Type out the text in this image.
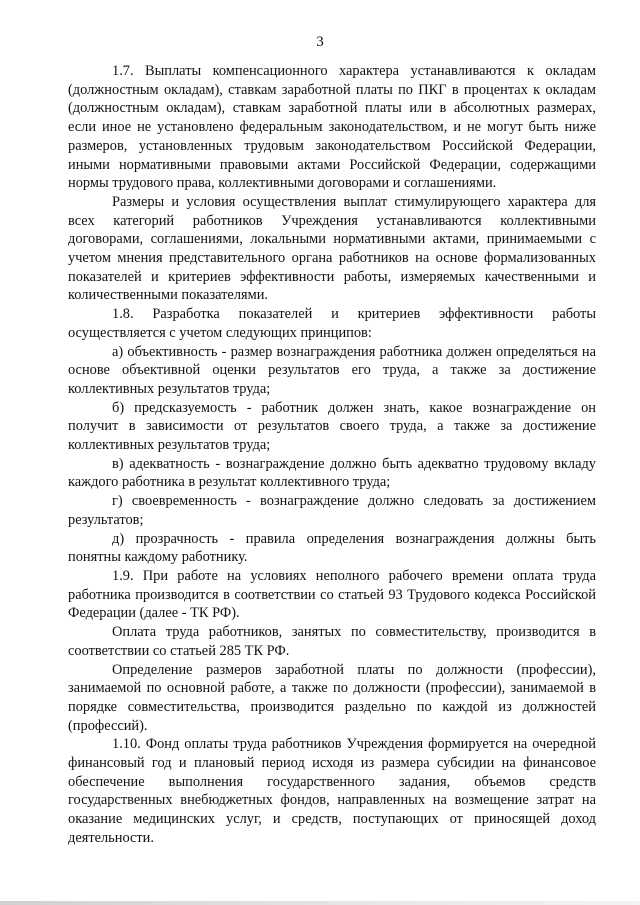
3

1.7. Выплаты компенсационного характера устанавливаются к окладам (должностным окладам), ставкам заработной платы по ПКГ в процентах к окладам (должностным окладам), ставкам заработной платы или в абсолютных размерах, если иное не установлено федеральным законодательством, и не могут быть ниже размеров, установленных трудовым законодательством Российской Федерации, иными нормативными правовыми актами Российской Федерации, содержащими нормы трудового права, коллективными договорами и соглашениями.

Размеры и условия осуществления выплат стимулирующего характера для всех категорий работников Учреждения устанавливаются коллективными договорами, соглашениями, локальными нормативными актами, принимаемыми с учетом мнения представительного органа работников на основе формализованных показателей и критериев эффективности работы, измеряемых качественными и количественными показателями.

1.8. Разработка показателей и критериев эффективности работы осуществляется с учетом следующих принципов:

а) объективность - размер вознаграждения работника должен определяться на основе объективной оценки результатов его труда, а также за достижение коллективных результатов труда;

б) предсказуемость - работник должен знать, какое вознаграждение он получит в зависимости от результатов своего труда, а также за достижение коллективных результатов труда;

в) адекватность - вознаграждение должно быть адекватно трудовому вкладу каждого работника в результат коллективного труда;

г) своевременность - вознаграждение должно следовать за достижением результатов;

д) прозрачность - правила определения вознаграждения должны быть понятны каждому работнику.

1.9. При работе на условиях неполного рабочего времени оплата труда работника производится в соответствии со статьей 93 Трудового кодекса Российской Федерации (далее - ТК РФ).

Оплата труда работников, занятых по совместительству, производится в соответствии со статьей 285 ТК РФ.

Определение размеров заработной платы по должности (профессии), занимаемой по основной работе, а также по должности (профессии), занимаемой в порядке совместительства, производится раздельно по каждой из должностей (профессий).

1.10. Фонд оплаты труда работников Учреждения формируется на очередной финансовый год и плановый период исходя из размера субсидии на финансовое обеспечение выполнения государственного задания, объемов средств государственных внебюджетных фондов, направленных на возмещение затрат на оказание медицинских услуг, и средств, поступающих от приносящей доход деятельности.
